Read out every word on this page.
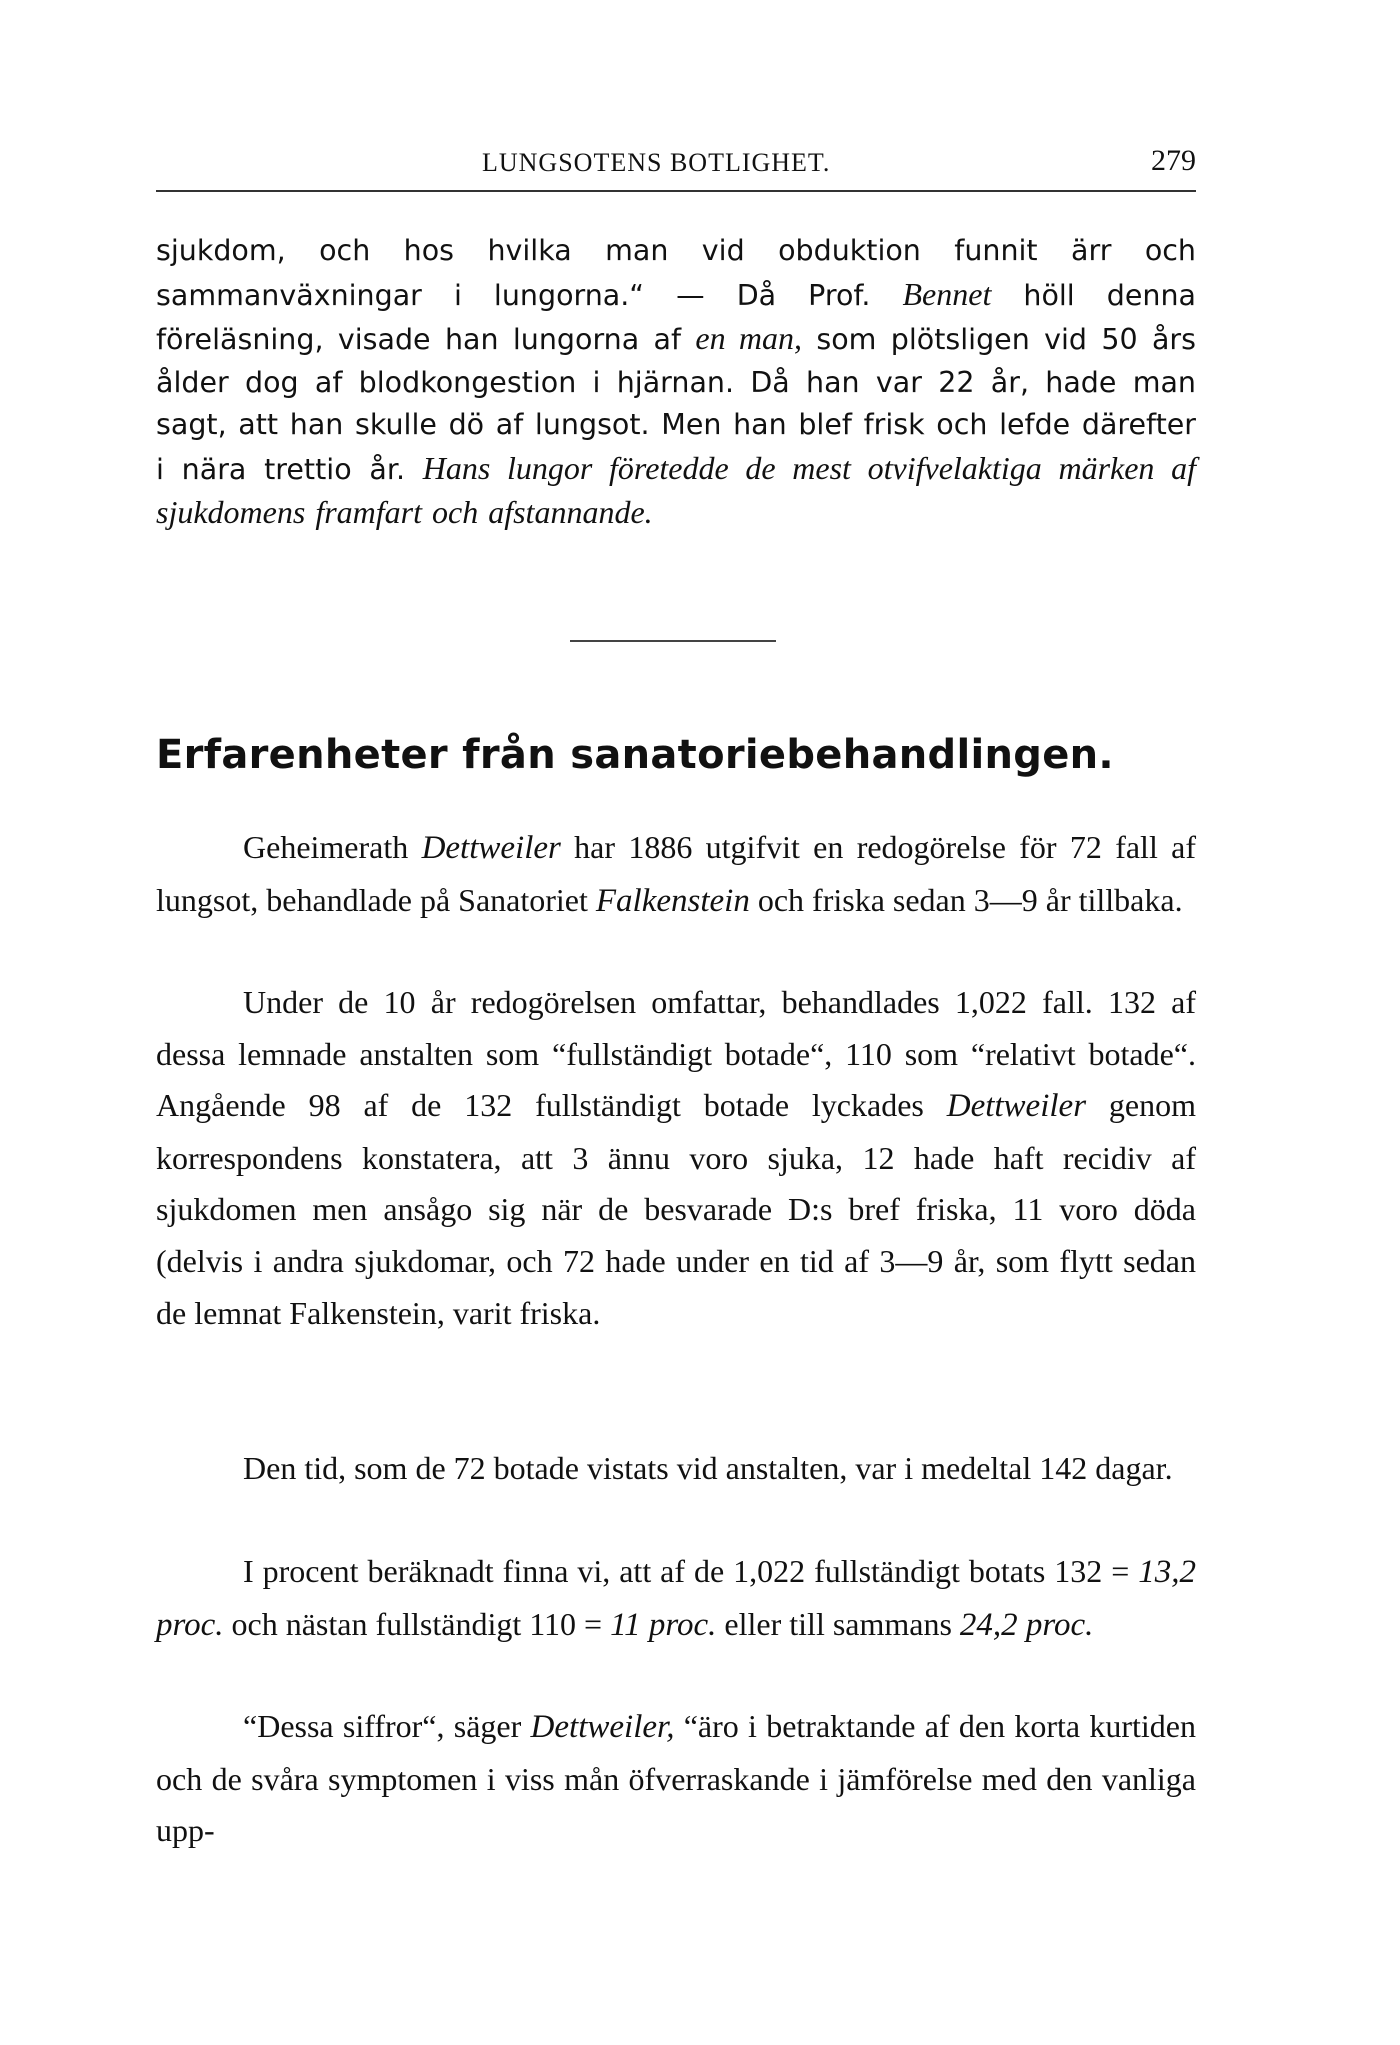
LUNGSOTENS BOTLIGHET.	279

sjukdom, och hos hvilka man vid obduktion funnit ärr och sammanväxningar i lungorna.“ — Då Prof. Bennet höll denna föreläsning, visade han lungorna af en man, som plötsligen vid 50 års ålder dog af blodkongestion i hjärnan. Då han var 22 år, hade man sagt, att han skulle dö af lungsot. Men han blef frisk och lefde därefter i nära trettio år. Hans lungor företedde de mest otvifvelaktiga märken af sjukdomens framfart och afstannande.

Erfarenheter från sanatoriebehandlingen.

Geheimerath Dettweiler har 1886 utgifvit en redogörelse för 72 fall af lungsot, behandlade på Sanatoriet Falkenstein och friska sedan 3—9 år tillbaka.

Under de 10 år redogörelsen omfattar, behandlades 1,022 fall. 132 af dessa lemnade anstalten som “fullständigt botade“, 110 som “relativt botade“. Angående 98 af de 132 fullständigt botade lyckades Dettweiler genom korrespondens konstatera, att 3 ännu voro sjuka, 12 hade haft recidiv af sjukdomen men ansågo sig när de besvarade D:s bref friska, 11 voro döda (delvis i andra sjukdomar, och 72 hade under en tid af 3—9 år, som flytt sedan de lemnat Falkenstein, varit friska.

Den tid, som de 72 botade vistats vid anstalten, var i medeltal 142 dagar.

I procent beräknadt finna vi, att af de 1,022 fullständigt botats 132 = 13,2 proc. och nästan fullständigt 110 = 11 proc. eller till sammans 24,2 proc.

“Dessa siffror“, säger Dettweiler, “äro i betraktande af den korta kurtiden och de svåra symptomen i viss mån öfverraskande i jämförelse med den vanliga upp-
